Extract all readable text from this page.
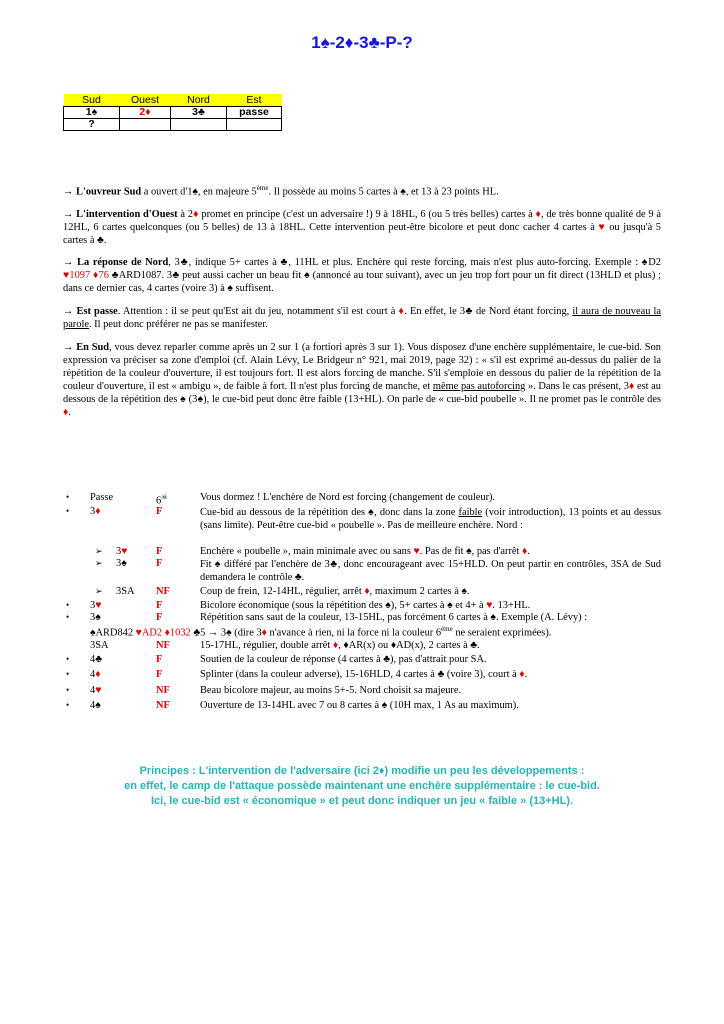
1♠-2♦-3♣-P-?
Sud	Ouest	Nord	Est
1♠	2♦	3♣	passe
?			

→ L'ouvreur Sud a ouvert d'1♠, en majeure 5ème. Il possède au moins 5 cartes à ♠, et 13 à 23 points HL.

→ L'intervention d'Ouest à 2♦ promet en principe (c'est un adversaire !) 9 à 18HL, 6 (ou 5 très belles) cartes à ♦, de très bonne qualité de 9 à 12HL, 6 cartes quelconques (ou 5 belles) de 13 à 18HL. Cette intervention peut-être bicolore et peut donc cacher 4 cartes à ♥ ou jusqu'à 5 cartes à ♣.

→ La réponse de Nord, 3♣, indique 5+ cartes à ♣, 11HL et plus. Enchère qui reste forcing, mais n'est plus auto-forcing. Exemple : ♠D2 ♥1097 ♦76 ♣ARD1087. 3♣ peut aussi cacher un beau fit ♠ (annoncé au tour suivant), avec un jeu trop fort pour un fit direct (13HLD et plus) ; dans ce dernier cas, 4 cartes (voire 3) à ♠ suffisent.

→ Est passe. Attention : il se peut qu'Est ait du jeu, notamment s'il est court à ♦. En effet, le 3♣ de Nord étant forcing, il aura de nouveau la parole. Il peut donc préférer ne pas se manifester.

→ En Sud, vous devez reparler comme après un 2 sur 1 (a fortiori après 3 sur 1). Vous disposez d'une enchère supplémentaire, le cue-bid. Son expression va préciser sa zone d'emploi (cf. Alain Lévy, Le Bridgeur n° 921, mai 2019, page 32) : « s'il est exprimé au-dessus du palier de la répétition de la couleur d'ouverture, il est toujours fort. Il est alors forcing de manche. S'il s'emploie en dessous du palier de la répétition de la couleur d'ouverture, il est « ambigu », de faible à fort. Il n'est plus forcing de manche, et même pas autoforcing ». Dans le cas présent, 3♦ est au dessous de la répétition des ♠ (3♠), le cue-bid peut donc être faible (13+HL). On parle de « cue-bid poubelle ». Il ne promet pas le contrôle des ♦.

• Passe	6☠	Vous dormez ! L'enchère de Nord est forcing (changement de couleur).
• 3♦	F	Cue-bid au dessous de la répétition des ♠, donc dans la zone faible (voir introduction), 13 points et au dessus (sans limite). Peut-être cue-bid « poubelle ». Pas de meilleure enchère. Nord :
➢ 3♥	F	Enchère « poubelle », main minimale avec ou sans ♥. Pas de fit ♠, pas d'arrêt ♦.
➢ 3♠	F	Fit ♠ différé par l'enchère de 3♣, donc encourageant avec 15+HLD. On peut partir en contrôles, 3SA de Sud demandera le contrôle ♣.
➢ 3SA NF	Coup de frein, 12-14HL, régulier, arrêt ♦, maximum 2 cartes à ♠.
• 3♥	F	Bicolore économique (sous la répétition des ♠), 5+ cartes à ♠ et 4+ à ♥. 13+HL.
• 3♠	F	Répétition sans saut de la couleur, 13-15HL, pas forcément 6 cartes à ♠. Exemple (A. Lévy) :
♠ARD842 ♥AD2 ♦1032 ♣5 → 3♠ (dire 3♦ n'avance à rien, ni la force ni la couleur 6ème ne seraient exprimées).
3SA	NF	15-17HL, régulier, double arrêt ♦, ♦AR(x) ou ♦AD(x), 2 cartes à ♣.
• 4♣	F	Soutien de la couleur de réponse (4 cartes à ♣), pas d'attrait pour SA.
• 4♦	F	Splinter (dans la couleur adverse), 15-16HLD, 4 cartes à ♣ (voire 3), court à ♦.
• 4♥	NF	Beau bicolore majeur, au moins 5+-5. Nord choisit sa majeure.
• 4♠	NF	Ouverture de 13-14HL avec 7 ou 8 cartes à ♠ (10H max, 1 As au maximum).

Principes : L'intervention de l'adversaire (ici 2♦) modifie un peu les développements :

en effet, le camp de l'attaque possède maintenant une enchère supplémentaire : le cue-bid.

Ici, le cue-bid est « économique » et peut donc indiquer un jeu « faible » (13+HL).
